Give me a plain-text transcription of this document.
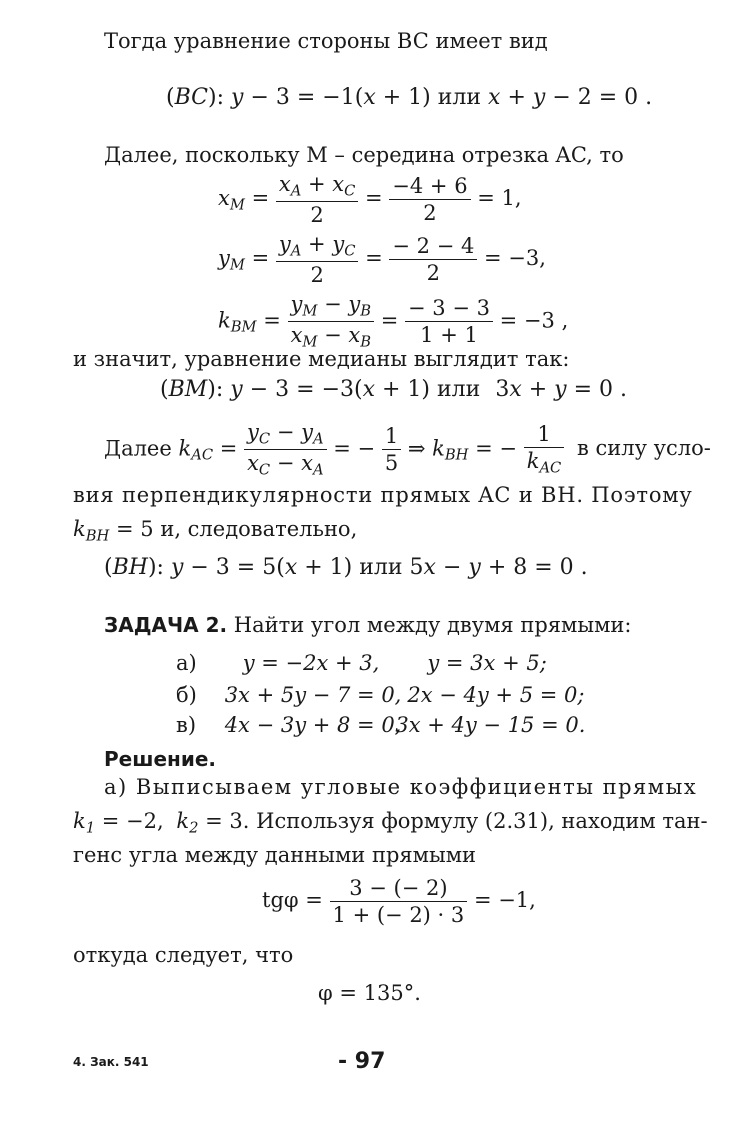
Тогда уравнение стороны BC имеет вид
(BC): y − 3 = −1(x + 1) или x + y − 2 = 0 .
Далее, поскольку M – середина отрезка AC, то
$x_M = \frac{x_A + x_C}{2} = \frac{-4 + 6}{2} = 1$,
$y_M = \frac{y_A + y_C}{2} = \frac{- 2 - 4}{2} = -3$,
$k_{BM} = \frac{y_M - y_B}{x_M - x_B} = \frac{- 3 - 3}{1 + 1} = -3$ ,
и значит, уравнение медианы выглядит так:
(BM): y − 3 = −3(x + 1) или 3x + y = 0 .
Далее $k_{AC} = \frac{y_C - y_A}{x_C - x_A}$ = − $\frac{1}{5}$ ⇒ $k_{BH}$ = − $\frac{1}{k_{AC}}$ в силу усло-
вия перпендикулярности прямых AC и BH. Поэтому
$k_{BH} = 5$ и, следовательно,
(BH): y − 3 = 5(x + 1) или 5x − y + 8 = 0 .
ЗАДАЧА 2. Найти угол между двумя прямыми:
а) y = −2x + 3, y = 3x + 5;
б) 3x + 5y − 7 = 0, 2x − 4y + 5 = 0;
в) 4x − 3y + 8 = 0, 3x + 4y − 15 = 0.
Решение.
а) Выписываем угловые коэффициенты прямых
$k_1 = -2$, $k_2 = 3$. Используя формулу (2.31), находим тан-
генс угла между данными прямыми
$tg\varphi = \frac{3 - (- 2)}{1 + (- 2) \cdot 3} = -1$,
откуда следует, что
φ = 135°.
4. Зак. 541	- 97
